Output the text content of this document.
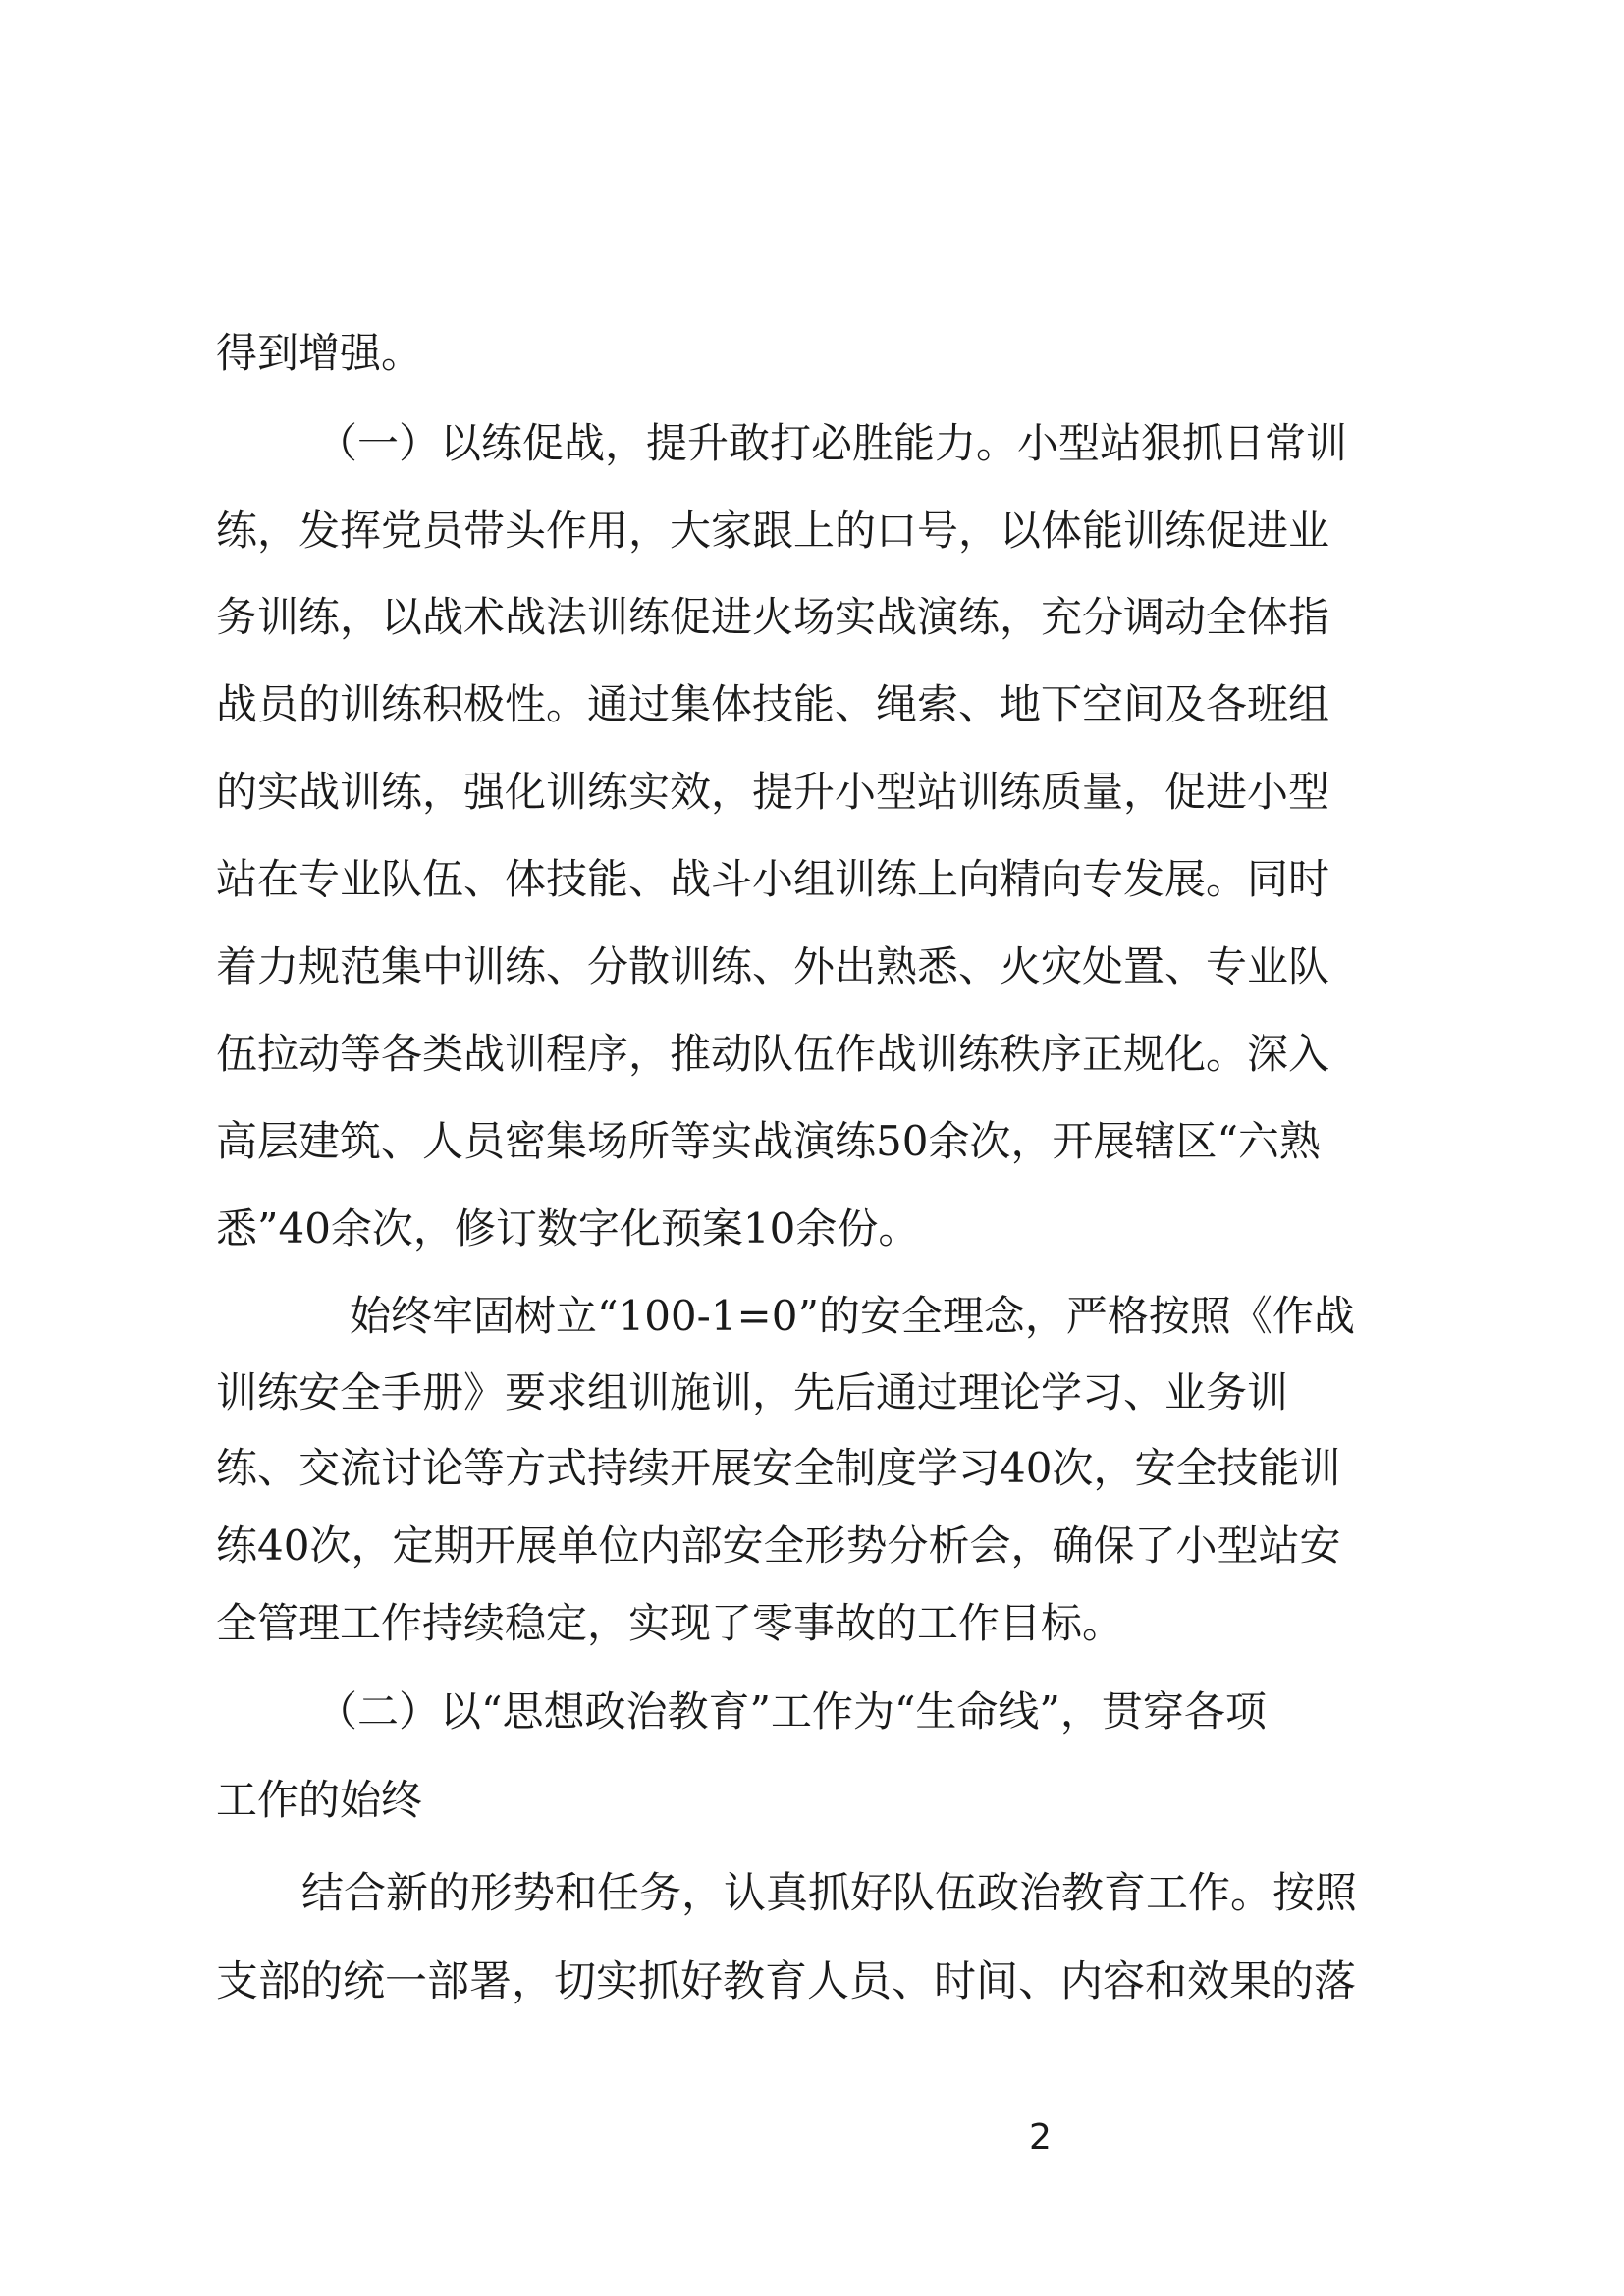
得到增强。
（一）以练促战，提升敢打必胜能力。小型站狠抓日常训
练，发挥党员带头作用，大家跟上的口号，以体能训练促进业
务训练，以战术战法训练促进火场实战演练，充分调动全体指
战员的训练积极性。通过集体技能、绳索、地下空间及各班组
的实战训练，强化训练实效，提升小型站训练质量，促进小型
站在专业队伍、体技能、战斗小组训练上向精向专发展。同时
着力规范集中训练、分散训练、外出熟悉、火灾处置、专业队
伍拉动等各类战训程序，推动队伍作战训练秩序正规化。深入
高层建筑、人员密集场所等实战演练50余次，开展辖区“六熟
悉”40余次，修订数字化预案10余份。
始终牢固树立“100-1=0”的安全理念，严格按照《作战
训练安全手册》要求组训施训，先后通过理论学习、业务训
练、交流讨论等方式持续开展安全制度学习40次，安全技能训
练40次，定期开展单位内部安全形势分析会，确保了小型站安
全管理工作持续稳定，实现了零事故的工作目标。
（二）以“思想政治教育”工作为“生命线”，贯穿各项
工作的始终
结合新的形势和任务，认真抓好队伍政治教育工作。按照
支部的统一部署，切实抓好教育人员、时间、内容和效果的落
2
